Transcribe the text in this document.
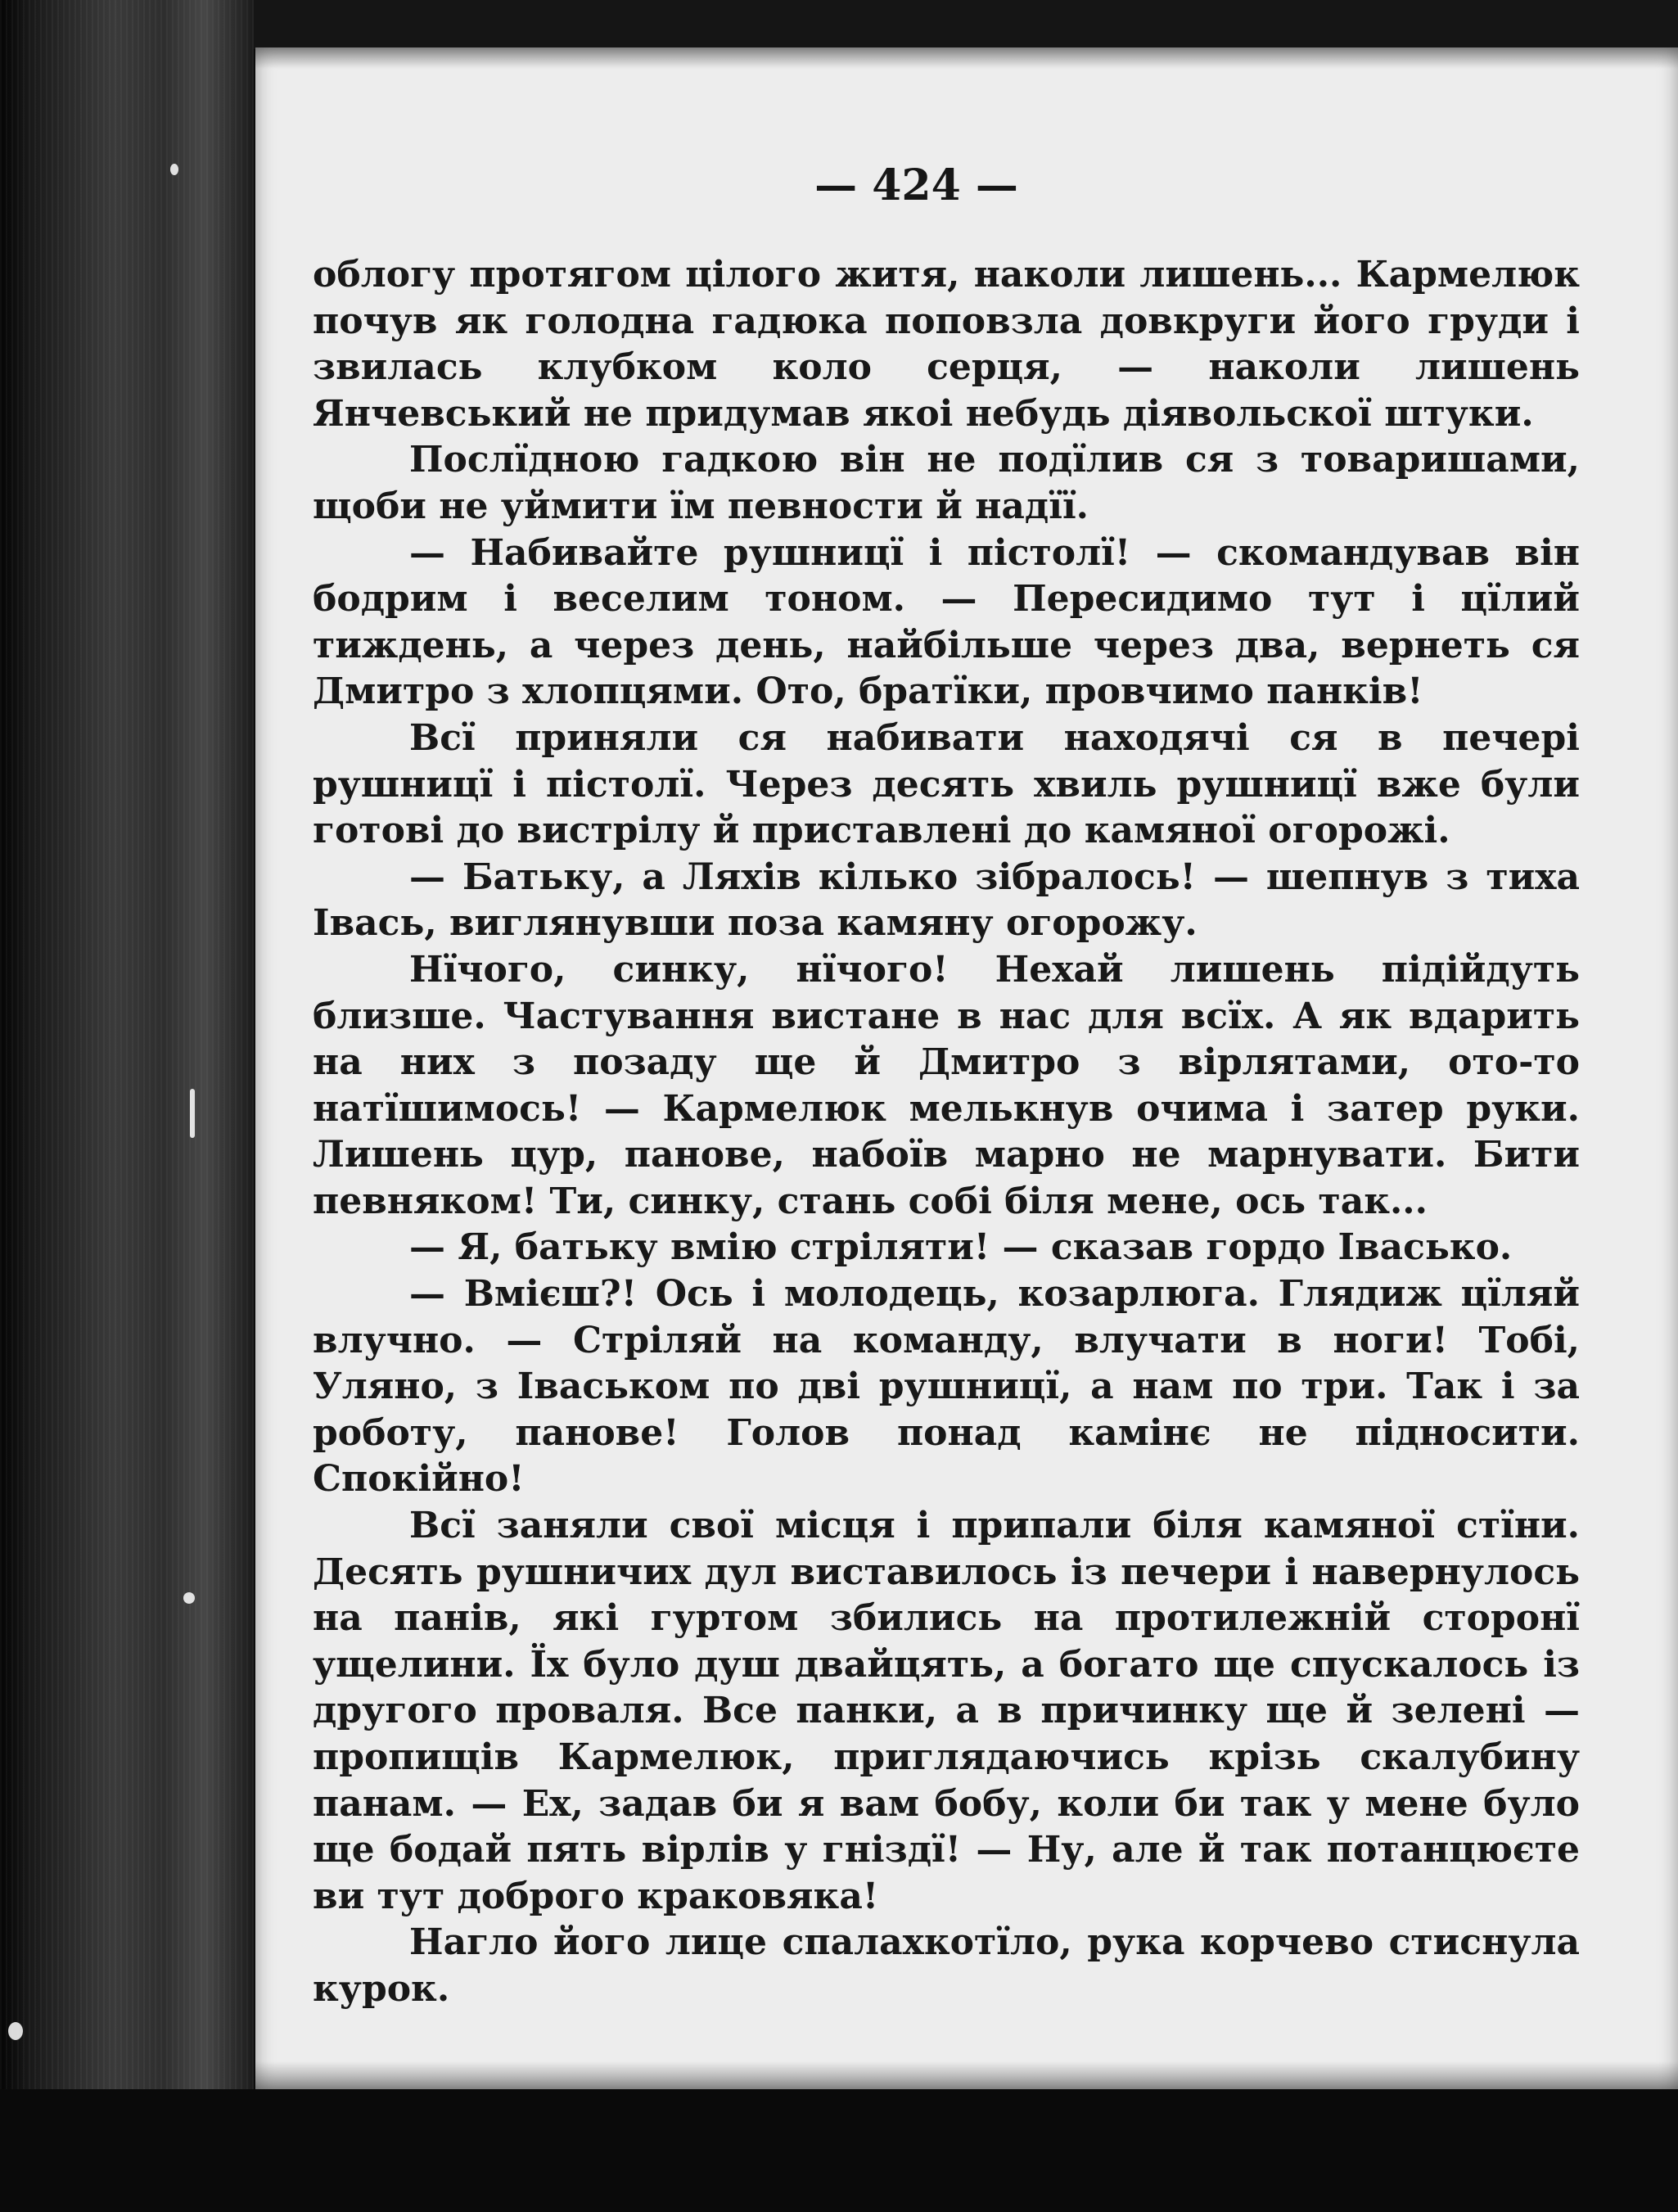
— 424 —

облогу протягом цілого житя, наколи лишень... Кармелюк почув як голодна гадюка поповзла довкруги його груди і звилась клубком коло серця, — наколи лишень Янчевський не придумав якоі небудь діявольскої штуки.

Послїдною гадкою він не подїлив ся з товаришами, щоби не уймити їм певности й надїї.

— Набивайте рушницї і пістолї! — скомандував він бодрим і веселим тоном. — Пересидимо тут і цїлий тиждень, а через день, найбільше через два, вернеть ся Дмитро з хлопцями. Ото, братїки, провчимо панків!

Всї приняли ся набивати находячі ся в печері рушницї і пістолї. Через десять хвиль рушницї вже були готові до вистрілу й приставлені до камяної огорожі.

— Батьку, а Ляхів кілько зібралось! — шепнув з тиха Івась, виглянувши поза камяну огорожу.

Нїчого, синку, нїчого! Нехай лишень підійдуть близше. Частування вистане в нас для всїх. А як вдарить на них з позаду ще й Дмитро з вірлятами, ото-то натїшимось! — Кармелюк мелькнув очима і затер руки. Лишень цур, панове, набоїв марно не марнувати. Бити певняком! Ти, синку, стань собі біля мене, ось так...

— Я, батьку вмію стріляти! — сказав гордо Івасько.

— Вмієш?! Ось і молодець, козарлюга. Глядиж цїляй влучно. — Стріляй на команду, влучати в ноги! Тобі, Уляно, з Іваськом по дві рушницї, а нам по три. Так і за роботу, панове! Голов понад камінє не підносити. Спокійно!

Всї заняли свої місця і припали біля камяної стїни. Десять рушничих дул виставилось із печери і навернулось на панів, які гуртом збились на протилежній сторонї ущелини. Їх було душ двайцять, а богато ще спускалось із другого проваля. Все панки, а в причинку ще й зелені — пропищів Кармелюк, приглядаючись крізь скалубину панам. — Ех, задав би я вам бобу, коли би так у мене було ще бодай пять вірлів у гніздї! — Ну, але й так потанцюєте ви тут доброго краковяка!

Нагло його лице спалахкотїло, рука корчево стиснула курок.
